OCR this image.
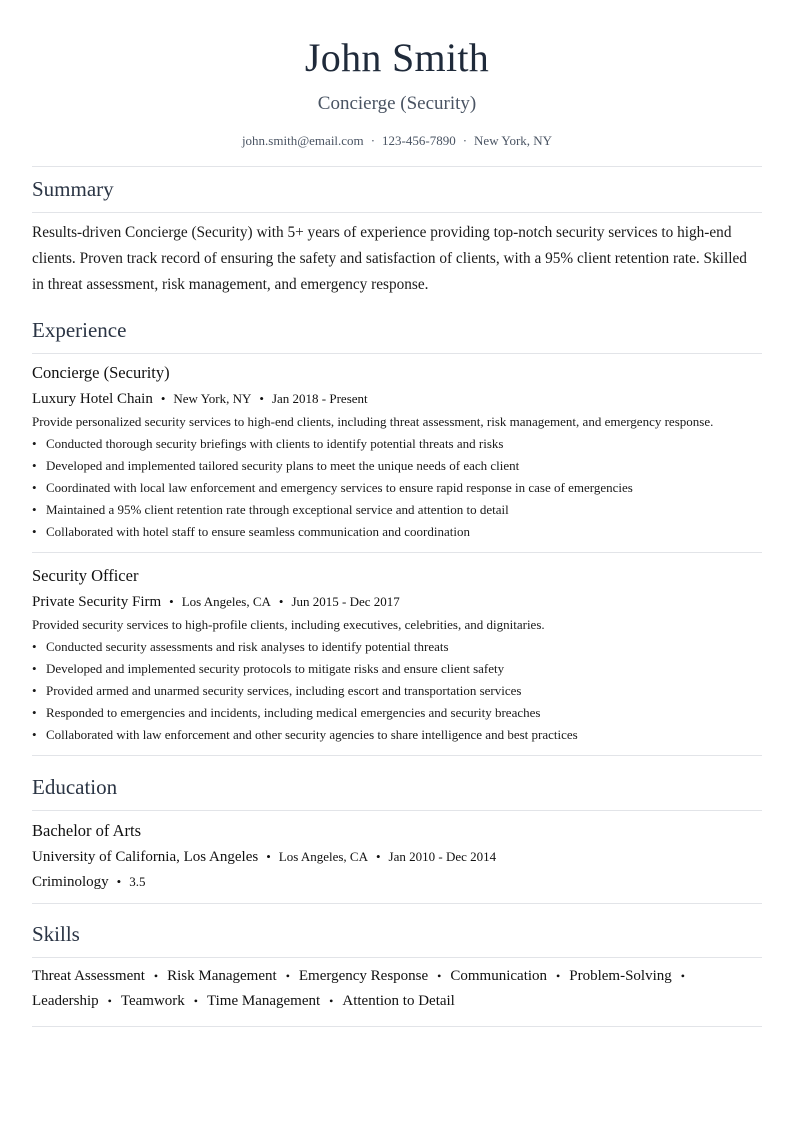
John Smith
Concierge (Security)
john.smith@email.com · 123-456-7890 · New York, NY
Summary
Results-driven Concierge (Security) with 5+ years of experience providing top-notch security services to high-end clients. Proven track record of ensuring the safety and satisfaction of clients, with a 95% client retention rate. Skilled in threat assessment, risk management, and emergency response.
Experience
Concierge (Security)
Luxury Hotel Chain • New York, NY • Jan 2018 - Present
Provide personalized security services to high-end clients, including threat assessment, risk management, and emergency response.
• Conducted thorough security briefings with clients to identify potential threats and risks
• Developed and implemented tailored security plans to meet the unique needs of each client
• Coordinated with local law enforcement and emergency services to ensure rapid response in case of emergencies
• Maintained a 95% client retention rate through exceptional service and attention to detail
• Collaborated with hotel staff to ensure seamless communication and coordination
Security Officer
Private Security Firm • Los Angeles, CA • Jun 2015 - Dec 2017
Provided security services to high-profile clients, including executives, celebrities, and dignitaries.
• Conducted security assessments and risk analyses to identify potential threats
• Developed and implemented security protocols to mitigate risks and ensure client safety
• Provided armed and unarmed security services, including escort and transportation services
• Responded to emergencies and incidents, including medical emergencies and security breaches
• Collaborated with law enforcement and other security agencies to share intelligence and best practices
Education
Bachelor of Arts
University of California, Los Angeles • Los Angeles, CA • Jan 2010 - Dec 2014
Criminology • 3.5
Skills
Threat Assessment • Risk Management • Emergency Response • Communication • Problem-Solving •
Leadership • Teamwork • Time Management • Attention to Detail
